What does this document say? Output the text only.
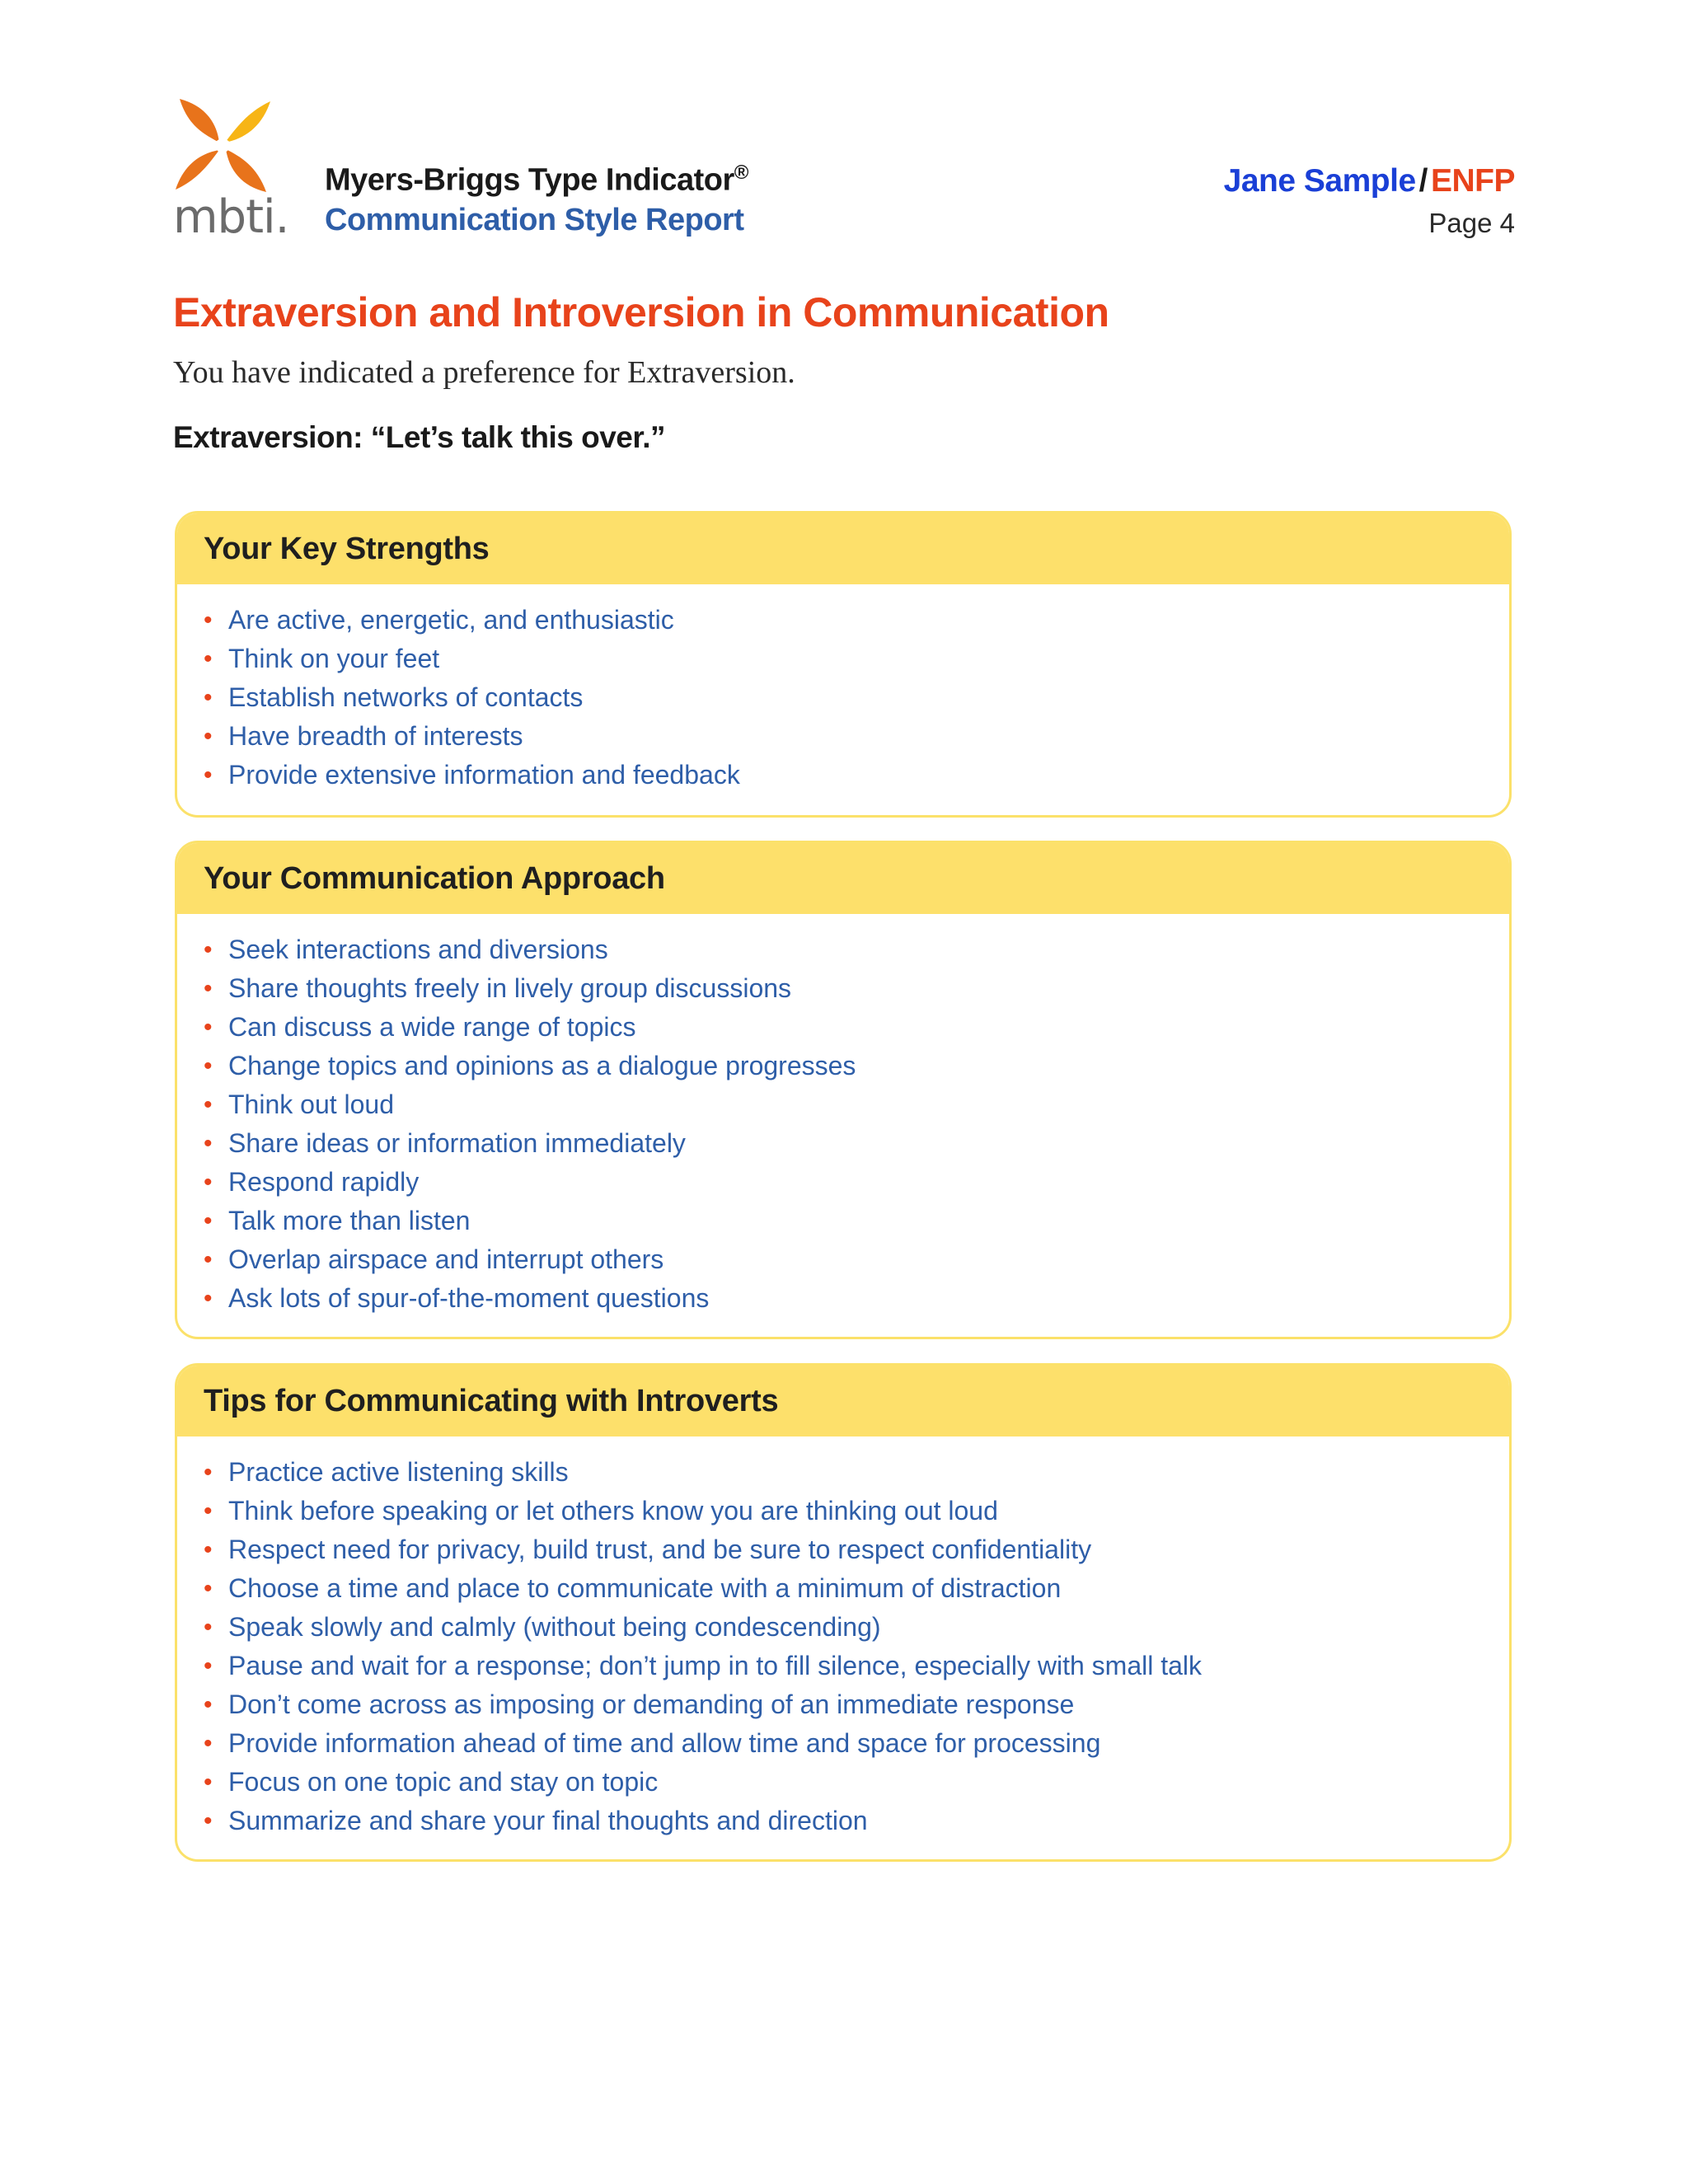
mbti.
Myers-Briggs Type Indicator®
Communication Style Report
Jane Sample / ENFP
Page 4
Extraversion and Introversion in Communication
You have indicated a preference for Extraversion.
Extraversion: “Let’s talk this over.”
Your Key Strengths
• Are active, energetic, and enthusiastic
• Think on your feet
• Establish networks of contacts
• Have breadth of interests
• Provide extensive information and feedback
Your Communication Approach
• Seek interactions and diversions
• Share thoughts freely in lively group discussions
• Can discuss a wide range of topics
• Change topics and opinions as a dialogue progresses
• Think out loud
• Share ideas or information immediately
• Respond rapidly
• Talk more than listen
• Overlap airspace and interrupt others
• Ask lots of spur-of-the-moment questions
Tips for Communicating with Introverts
• Practice active listening skills
• Think before speaking or let others know you are thinking out loud
• Respect need for privacy, build trust, and be sure to respect confidentiality
• Choose a time and place to communicate with a minimum of distraction
• Speak slowly and calmly (without being condescending)
• Pause and wait for a response; don’t jump in to fill silence, especially with small talk
• Don’t come across as imposing or demanding of an immediate response
• Provide information ahead of time and allow time and space for processing
• Focus on one topic and stay on topic
• Summarize and share your final thoughts and direction
